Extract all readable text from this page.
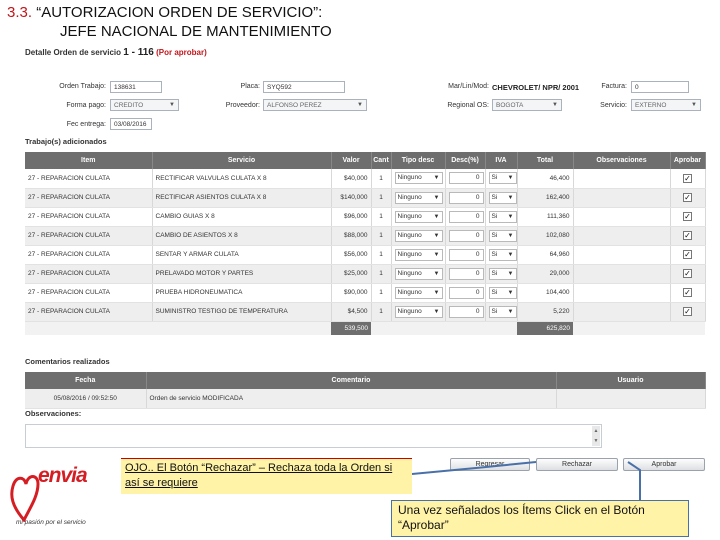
3.3. “AUTORIZACION ORDEN DE SERVICIO”:
JEFE NACIONAL DE MANTENIMIENTO
Detalle Orden de servicio 1 - 116 (Por aprobar)
Orden Trabajo:	138631	Placa:	SYQ592	Mar/Lin/Mod: CHEVROLET/ NPR/ 2001	Factura:	0
Forma pago:	CREDITO	▼	Proveedor:	ALFONSO PEREZ	▼	Regional OS:	BOGOTA	▼	Servicio:	EXTERNO	▼
Fec entrega:	03/08/2016
Trabajo(s) adicionados
Item	Servicio	Valor	Cant	Tipo desc	Desc(%)	IVA	Total	Observaciones	Aprobar
27 - REPARACION CULATA	RECTIFICAR VALVULAS CULATA X 8	$40,000	1	Ninguno ▼	0	Si ▼	46,400		✓
27 - REPARACION CULATA	RECTIFICAR ASIENTOS CULATA X 8	$140,000	1	Ninguno ▼	0	Si ▼	162,400		✓
27 - REPARACION CULATA	CAMBIO GUIAS X 8	$96,000	1	Ninguno ▼	0	Si ▼	111,360		✓
27 - REPARACION CULATA	CAMBIO DE ASIENTOS X 8	$88,000	1	Ninguno ▼	0	Si ▼	102,080		✓
27 - REPARACION CULATA	SENTAR Y ARMAR CULATA	$56,000	1	Ninguno ▼	0	Si ▼	64,960		✓
27 - REPARACION CULATA	PRELAVADO MOTOR Y PARTES	$25,000	1	Ninguno ▼	0	Si ▼	29,000		✓
27 - REPARACION CULATA	PRUEBA HIDRONEUMATICA	$90,000	1	Ninguno ▼	0	Si ▼	104,400		✓
27 - REPARACION CULATA	SUMINISTRO TESTIGO DE TEMPERATURA	$4,500	1	Ninguno ▼	0	Si ▼	5,220		✓
		539,500					625,820		
Comentarios realizados
Fecha	Comentario	Usuario
05/08/2016 / 09:52:50	Orden de servicio MODIFICADA	
Observaciones:
▲
▼
Regresar	Rechazar	Aprobar
OJO.. El Botón “Rechazar” – Rechaza toda la Orden si así se requiere
Una vez señalados los Ítems Click en el Botón “Aprobar”
envia
mi pasión por el servicio
